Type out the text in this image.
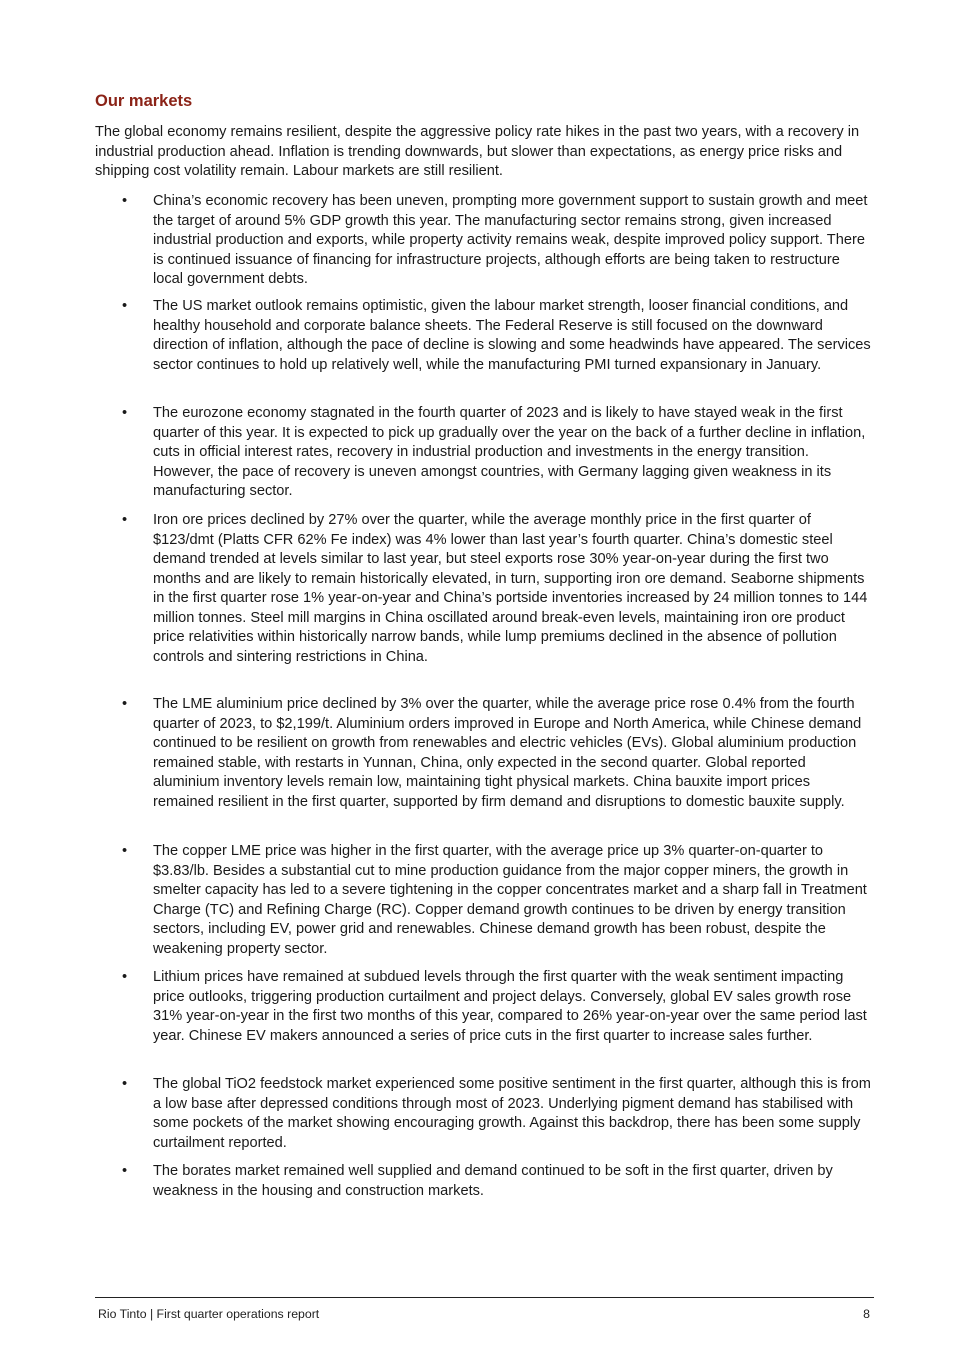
Our markets

The global economy remains resilient, despite the aggressive policy rate hikes in the past two years, with a recovery in industrial production ahead. Inflation is trending downwards, but slower than expectations, as energy price risks and shipping cost volatility remain. Labour markets are still resilient.

• China’s economic recovery has been uneven, prompting more government support to sustain growth and meet the target of around 5% GDP growth this year. The manufacturing sector remains strong, given increased industrial production and exports, while property activity remains weak, despite improved policy support. There is continued issuance of financing for infrastructure projects, although efforts are being taken to restructure local government debts.

• The US market outlook remains optimistic, given the labour market strength, looser financial conditions, and healthy household and corporate balance sheets. The Federal Reserve is still focused on the downward direction of inflation, although the pace of decline is slowing and some headwinds have appeared. The services sector continues to hold up relatively well, while the manufacturing PMI turned expansionary in January.

• The eurozone economy stagnated in the fourth quarter of 2023 and is likely to have stayed weak in the first quarter of this year. It is expected to pick up gradually over the year on the back of a further decline in inflation, cuts in official interest rates, recovery in industrial production and investments in the energy transition. However, the pace of recovery is uneven amongst countries, with Germany lagging given weakness in its manufacturing sector.

• Iron ore prices declined by 27% over the quarter, while the average monthly price in the first quarter of $123/dmt (Platts CFR 62% Fe index) was 4% lower than last year’s fourth quarter. China’s domestic steel demand trended at levels similar to last year, but steel exports rose 30% year-on-year during the first two months and are likely to remain historically elevated, in turn, supporting iron ore demand. Seaborne shipments in the first quarter rose 1% year-on-year and China’s portside inventories increased by 24 million tonnes to 144 million tonnes. Steel mill margins in China oscillated around break-even levels, maintaining iron ore product price relativities within historically narrow bands, while lump premiums declined in the absence of pollution controls and sintering restrictions in China.

• The LME aluminium price declined by 3% over the quarter, while the average price rose 0.4% from the fourth quarter of 2023, to $2,199/t. Aluminium orders improved in Europe and North America, while Chinese demand continued to be resilient on growth from renewables and electric vehicles (EVs). Global aluminium production remained stable, with restarts in Yunnan, China, only expected in the second quarter. Global reported aluminium inventory levels remain low, maintaining tight physical markets. China bauxite import prices remained resilient in the first quarter, supported by firm demand and disruptions to domestic bauxite supply.

• The copper LME price was higher in the first quarter, with the average price up 3% quarter-on-quarter to $3.83/lb. Besides a substantial cut to mine production guidance from the major copper miners, the growth in smelter capacity has led to a severe tightening in the copper concentrates market and a sharp fall in Treatment Charge (TC) and Refining Charge (RC). Copper demand growth continues to be driven by energy transition sectors, including EV, power grid and renewables. Chinese demand growth has been robust, despite the weakening property sector.

• Lithium prices have remained at subdued levels through the first quarter with the weak sentiment impacting price outlooks, triggering production curtailment and project delays. Conversely, global EV sales growth rose 31% year-on-year in the first two months of this year, compared to 26% year-on-year over the same period last year. Chinese EV makers announced a series of price cuts in the first quarter to increase sales further.

• The global TiO2 feedstock market experienced some positive sentiment in the first quarter, although this is from a low base after depressed conditions through most of 2023. Underlying pigment demand has stabilised with some pockets of the market showing encouraging growth. Against this backdrop, there has been some supply curtailment reported.

• The borates market remained well supplied and demand continued to be soft in the first quarter, driven by weakness in the housing and construction markets.

Rio Tinto | First quarter operations report	8
